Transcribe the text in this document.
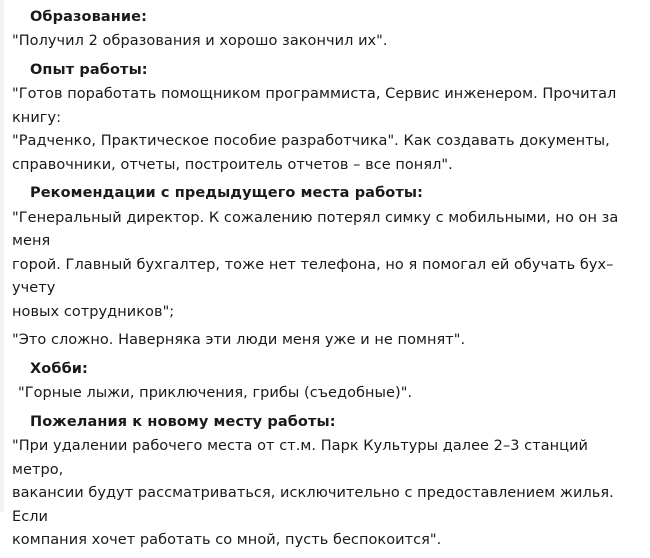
Образование:
"Получил 2 образования и хорошо закончил их".
Опыт работы:
"Готов поработать помощником программиста, Сервис инженером. Прочитал книгу:
"Радченко, Практическое пособие разработчика". Как создавать документы,
справочники, отчеты, построитель отчетов – все понял".
Рекомендации с предыдущего места работы:
"Генеральный директор. К сожалению потерял симку с мобильными, но он за меня
горой. Главный бухгалтер, тоже нет телефона, но я помогал ей обучать бух–учету
новых сотрудников";
"Это сложно. Наверняка эти люди меня уже и не помнят".
Хобби:
"Горные лыжи, приключения, грибы (съедобные)".
Пожелания к новому месту работы:
"При удалении рабочего места от ст.м. Парк Культуры далее 2–3 станций метро,
вакансии будут рассматриваться, исключительно с предоставлением жилья. Если
компания хочет работать со мной, пусть беспокоится".
